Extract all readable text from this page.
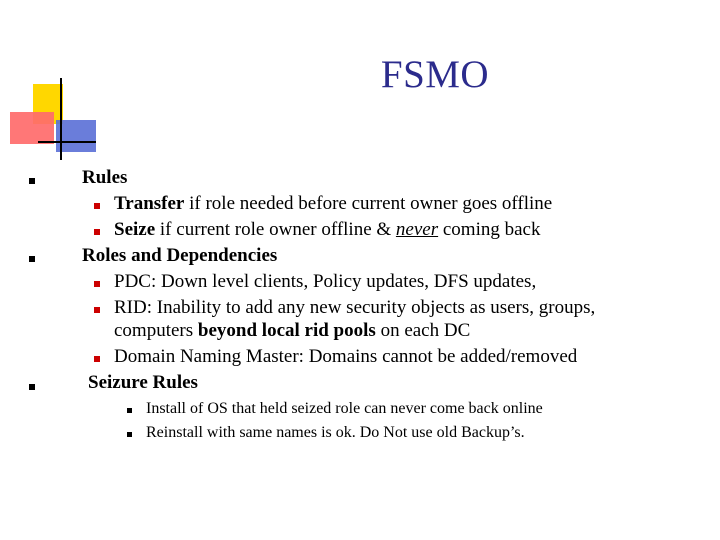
FSMO
Rules
Transfer if role needed before current owner goes offline
Seize if current role owner offline & never coming back
Roles and Dependencies
PDC: Down level clients, Policy updates, DFS updates,
RID: Inability to add any new security objects as users, groups,
computers beyond local rid pools on each DC
Domain Naming Master: Domains cannot be added/removed
Seizure Rules
Install of OS that held seized role can never come back online
Reinstall with same names is ok. Do Not use old Backup’s.
